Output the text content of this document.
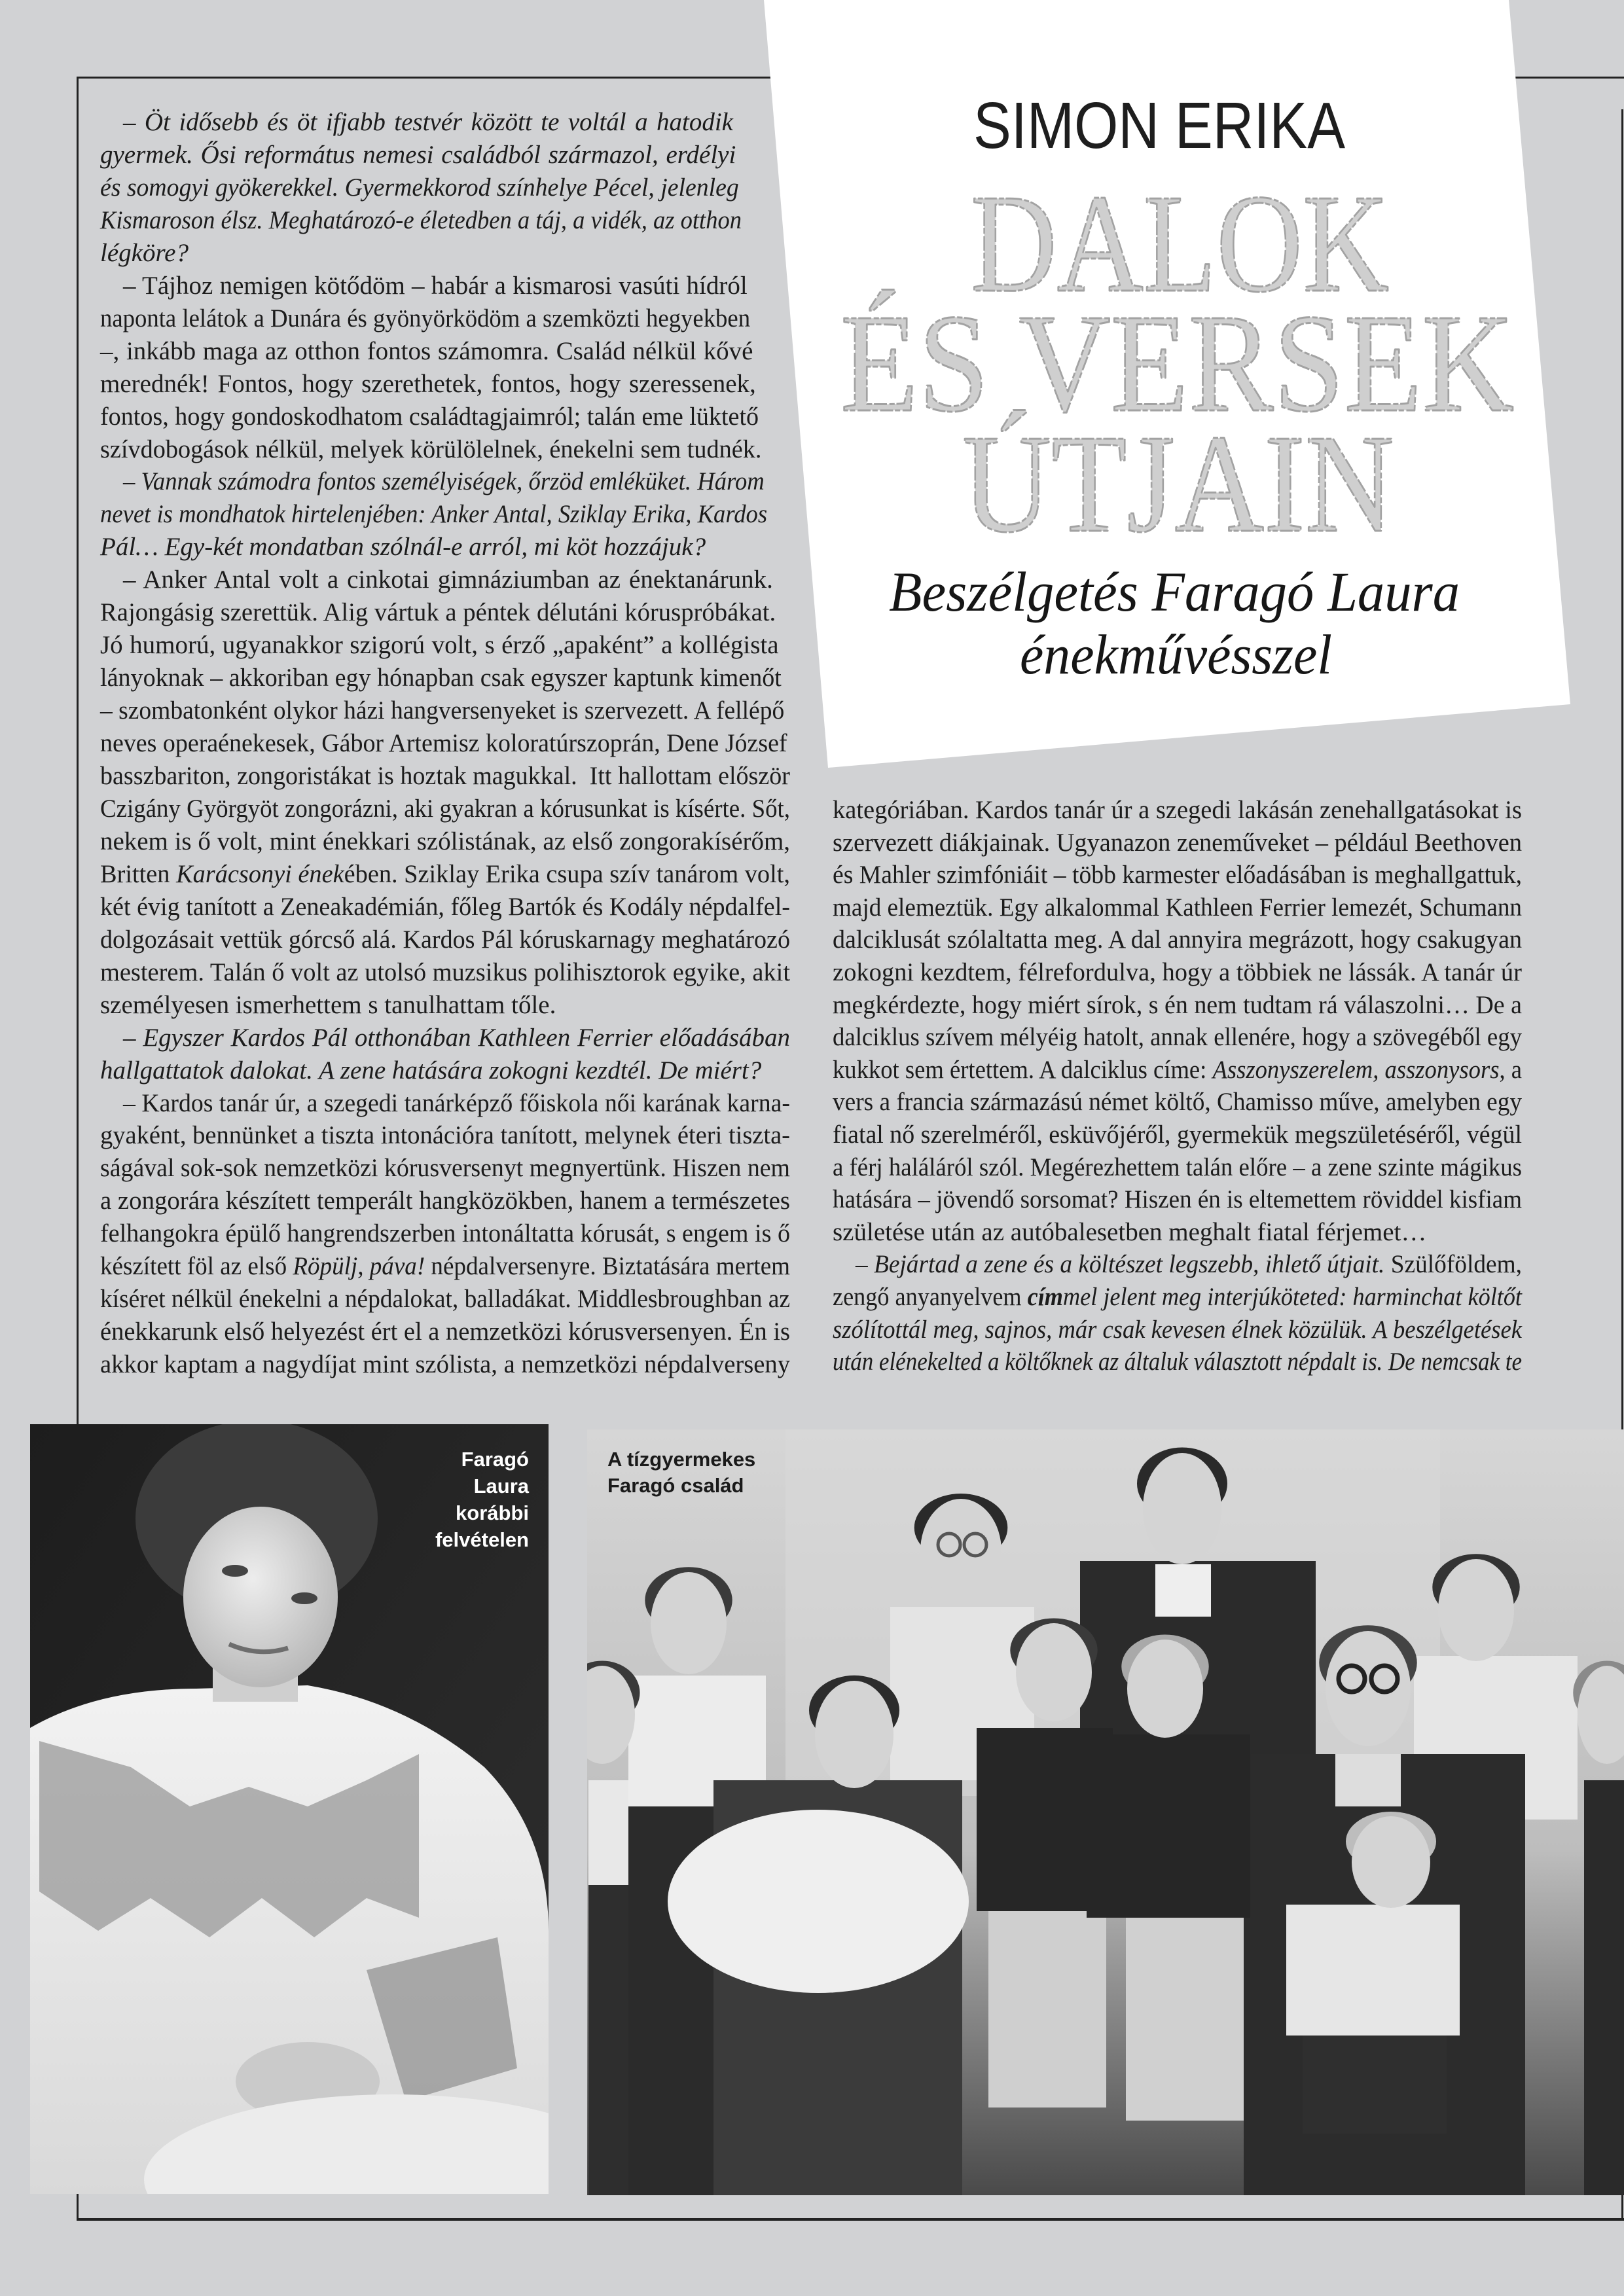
SIMON ERIKA
DALOK
ÉS VERSEK
ÚTJAIN
Beszélgetés Faragó Laura
énekművésszel
Faragó
Laura
korábbi
felvételen
A tízgyermekes
Faragó család
– Öt idősebb és öt ifjabb testvér között te voltál a hatodik
gyermek. Ősi református nemesi családból származol, erdélyi
és somogyi gyökerekkel. Gyermekkorod színhelye Pécel, jelenleg
Kismaroson élsz. Meghatározó-e életedben a táj, a vidék, az otthon
légköre?
– Tájhoz nemigen kötődöm – habár a kismarosi vasúti hídról
naponta lelátok a Dunára és gyönyörködöm a szemközti hegyekben
–, inkább maga az otthon fontos számomra. Család nélkül kővé
merednék! Fontos, hogy szerethetek, fontos, hogy szeressenek,
fontos, hogy gondoskodhatom családtagjaimról; talán eme lüktető
szívdobogások nélkül, melyek körülölelnek, énekelni sem tudnék.
– Vannak számodra fontos személyiségek, őrzöd emléküket. Három
nevet is mondhatok hirtelenjében: Anker Antal, Sziklay Erika, Kardos
Pál… Egy-két mondatban szólnál-e arról, mi köt hozzájuk?
– Anker Antal volt a cinkotai gimnáziumban az énektanárunk.
Rajongásig szerettük. Alig vártuk a péntek délutáni kóruspróbákat.
Jó humorú, ugyanakkor szigorú volt, s érző „apaként” a kollégista
lányoknak – akkoriban egy hónapban csak egyszer kaptunk kimenőt
– szombatonként olykor házi hangversenyeket is szervezett. A fellépő
neves operaénekesek, Gábor Artemisz koloratúrszoprán, Dene József
basszbariton, zongoristákat is hoztak magukkal.  Itt hallottam először
Czigány Györgyöt zongorázni, aki gyakran a kórusunkat is kísérte. Sőt,
nekem is ő volt, mint énekkari szólistának, az első zongorakísérőm,
Britten Karácsonyi énekében. Sziklay Erika csupa szív tanárom volt,
két évig tanított a Zeneakadémián, főleg Bartók és Kodály népdalfel-
dolgozásait vettük górcső alá. Kardos Pál kóruskarnagy meghatározó
mesterem. Talán ő volt az utolsó muzsikus polihisztorok egyike, akit
személyesen ismerhettem s tanulhattam tőle.
– Egyszer Kardos Pál otthonában Kathleen Ferrier előadásában
hallgattatok dalokat. A zene hatására zokogni kezdtél. De miért?
– Kardos tanár úr, a szegedi tanárképző főiskola női karának karna-
gyaként, bennünket a tiszta intonációra tanított, melynek éteri tiszta-
ságával sok-sok nemzetközi kórusversenyt megnyertünk. Hiszen nem
a zongorára készített temperált hangközökben, hanem a természetes
felhangokra épülő hangrendszerben intonáltatta kórusát, s engem is ő
készített föl az első Röpülj, páva! népdalversenyre. Biztatására mertem
kíséret nélkül énekelni a népdalokat, balladákat. Middlesbroughban az
énekkarunk első helyezést ért el a nemzetközi kórusversenyen. Én is
akkor kaptam a nagydíjat mint szólista, a nemzetközi népdalverseny
kategóriában. Kardos tanár úr a szegedi lakásán zenehallgatásokat is
szervezett diákjainak. Ugyanazon zeneműveket – például Beethoven
és Mahler szimfóniáit – több karmester előadásában is meghallgattuk,
majd elemeztük. Egy alkalommal Kathleen Ferrier lemezét, Schumann
dalciklusát szólaltatta meg. A dal annyira megrázott, hogy csakugyan
zokogni kezdtem, félrefordulva, hogy a többiek ne lássák. A tanár úr
megkérdezte, hogy miért sírok, s én nem tudtam rá válaszolni… De a
dalciklus szívem mélyéig hatolt, annak ellenére, hogy a szövegéből egy
kukkot sem értettem. A dalciklus címe: Asszonyszerelem, asszonysors, a
vers a francia származású német költő, Chamisso műve, amelyben egy
fiatal nő szerelméről, esküvőjéről, gyermekük megszületéséről, végül
a férj haláláról szól. Megérezhettem talán előre – a zene szinte mágikus
hatására – jövendő sorsomat? Hiszen én is eltemettem röviddel kisfiam
születése után az autóbalesetben meghalt fiatal férjemet…
– Bejártad a zene és a költészet legszebb, ihlető útjait. Szülőföldem,
zengő anyanyelvem címmel jelent meg interjúköteted: harminchat költőt
szólítottál meg, sajnos, már csak kevesen élnek közülük. A beszélgetések
után elénekelted a költőknek az általuk választott népdalt is. De nemcsak te
